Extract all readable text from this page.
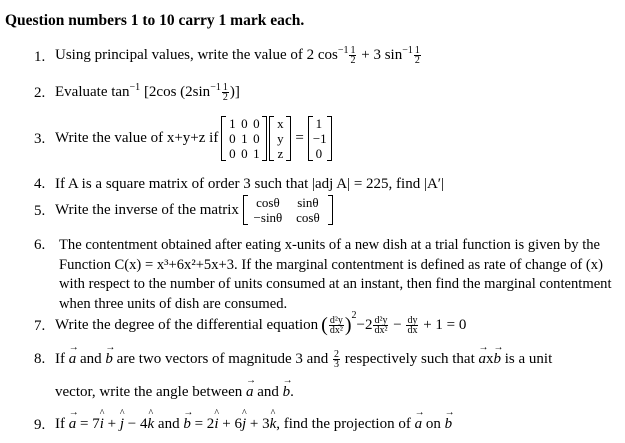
Question numbers 1 to 10 carry 1 mark each.
1. Using principal values, write the value of 2 $\cos^{-1} \frac{1}{2} + 3$ $\sin^{-1} \frac{1}{2}$
2. Evaluate $\tan^{-1} [2\cos$ ($2\sin^{-1} \frac{1}{2}$ )]
3. Write the value of x+y+z if
1 0 0
0 1 0
0 0 1
x
y
z
=
1
−1
0
4. If A is a square matrix of order 3 such that |adj A| = 225, find |A′|
5. Write the inverse of the matrix	cosθ sinθ
−sinθ cosθ
6. The contentment obtained after eating x-units of a new dish at a trial function is given by the Function C(x) = x³+6x²+5x+3. If the marginal contentment is defined as rate of change of (x) with respect to the number of units consumed at an instant, then find the marginal contentment when three units of dish are consumed.
7. Write the degree of the differential equation ( $\frac{\text{d²y}}{\text{dx²}} )^2$
$-2 \frac{\text{d²y}}{\text{dx²}} - \frac{dy}{dx} + 1 = 0$
8. If → a and → b are two vectors of magnitude 3 and $\frac{2}{3}$ respectively such that → a x → b is a unit
vector, write the angle between → a and → b.
9. If → a = 7^ i + ^ j − 4^ k and → b = 2^ i + 6^ j + 3^ k, find the projection of → a on → b
